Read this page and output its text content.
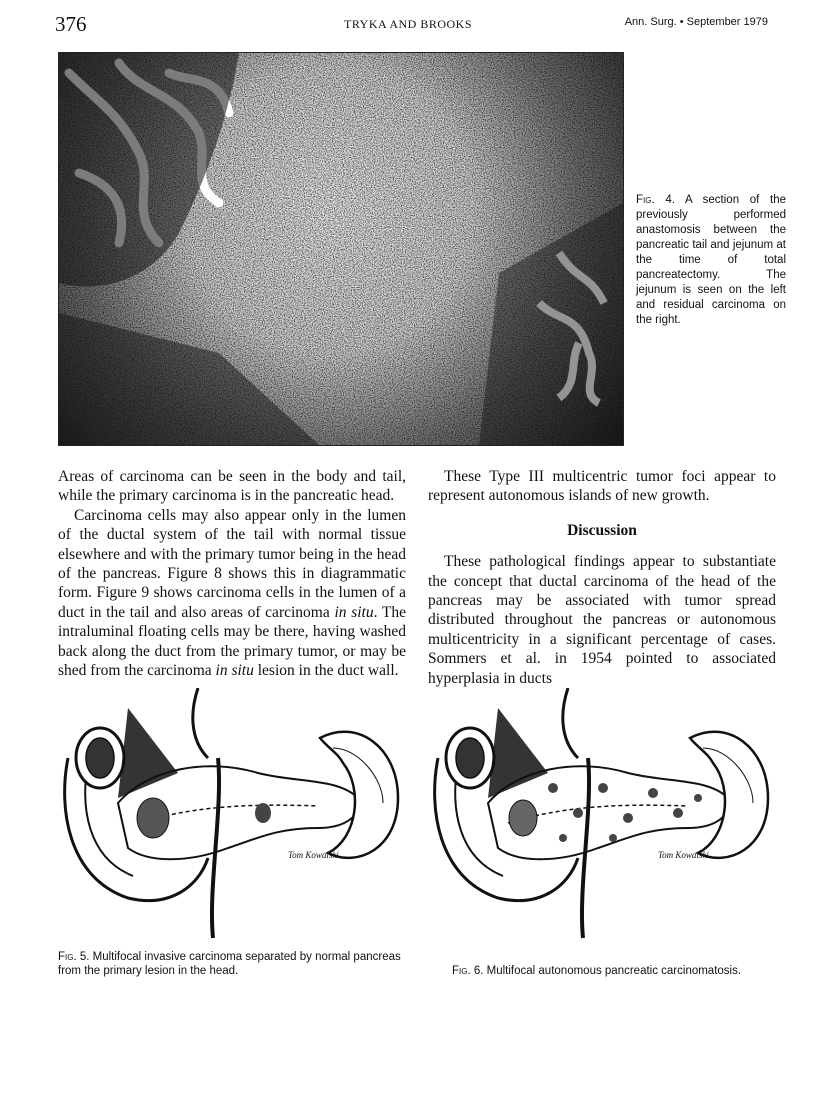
376	TRYKA AND BROOKS	Ann. Surg. • September 1979
Fig. 4. A section of the previously performed anastomosis between the pancreatic tail and jejunum at the time of total pancreatectomy. The jejunum is seen on the left and residual carcinoma on the right.

Areas of carcinoma can be seen in the body and tail, while the primary carcinoma is in the pancreatic head.

Carcinoma cells may also appear only in the lumen of the ductal system of the tail with normal tissue elsewhere and with the primary tumor being in the head of the pancreas. Figure 8 shows this in diagrammatic form. Figure 9 shows carcinoma cells in the lumen of a duct in the tail and also areas of carcinoma in situ. The intraluminal floating cells may be there, having washed back along the duct from the primary tumor, or may be shed from the carcinoma in situ lesion in the duct wall.

These Type III multicentric tumor foci appear to represent autonomous islands of new growth.

Discussion

These pathological findings appear to substantiate the concept that ductal carcinoma of the head of the pancreas may be associated with tumor spread distributed throughout the pancreas or autonomous multicentricity in a significant percentage of cases. Sommers et al. in 1954 pointed to associated hyperplasia in ducts

Tom Kowalski	Tom Kowalski
Fig. 5. Multifocal invasive carcinoma separated by normal pancreas from the primary lesion in the head.	Fig. 6. Multifocal autonomous pancreatic carcinomatosis.
